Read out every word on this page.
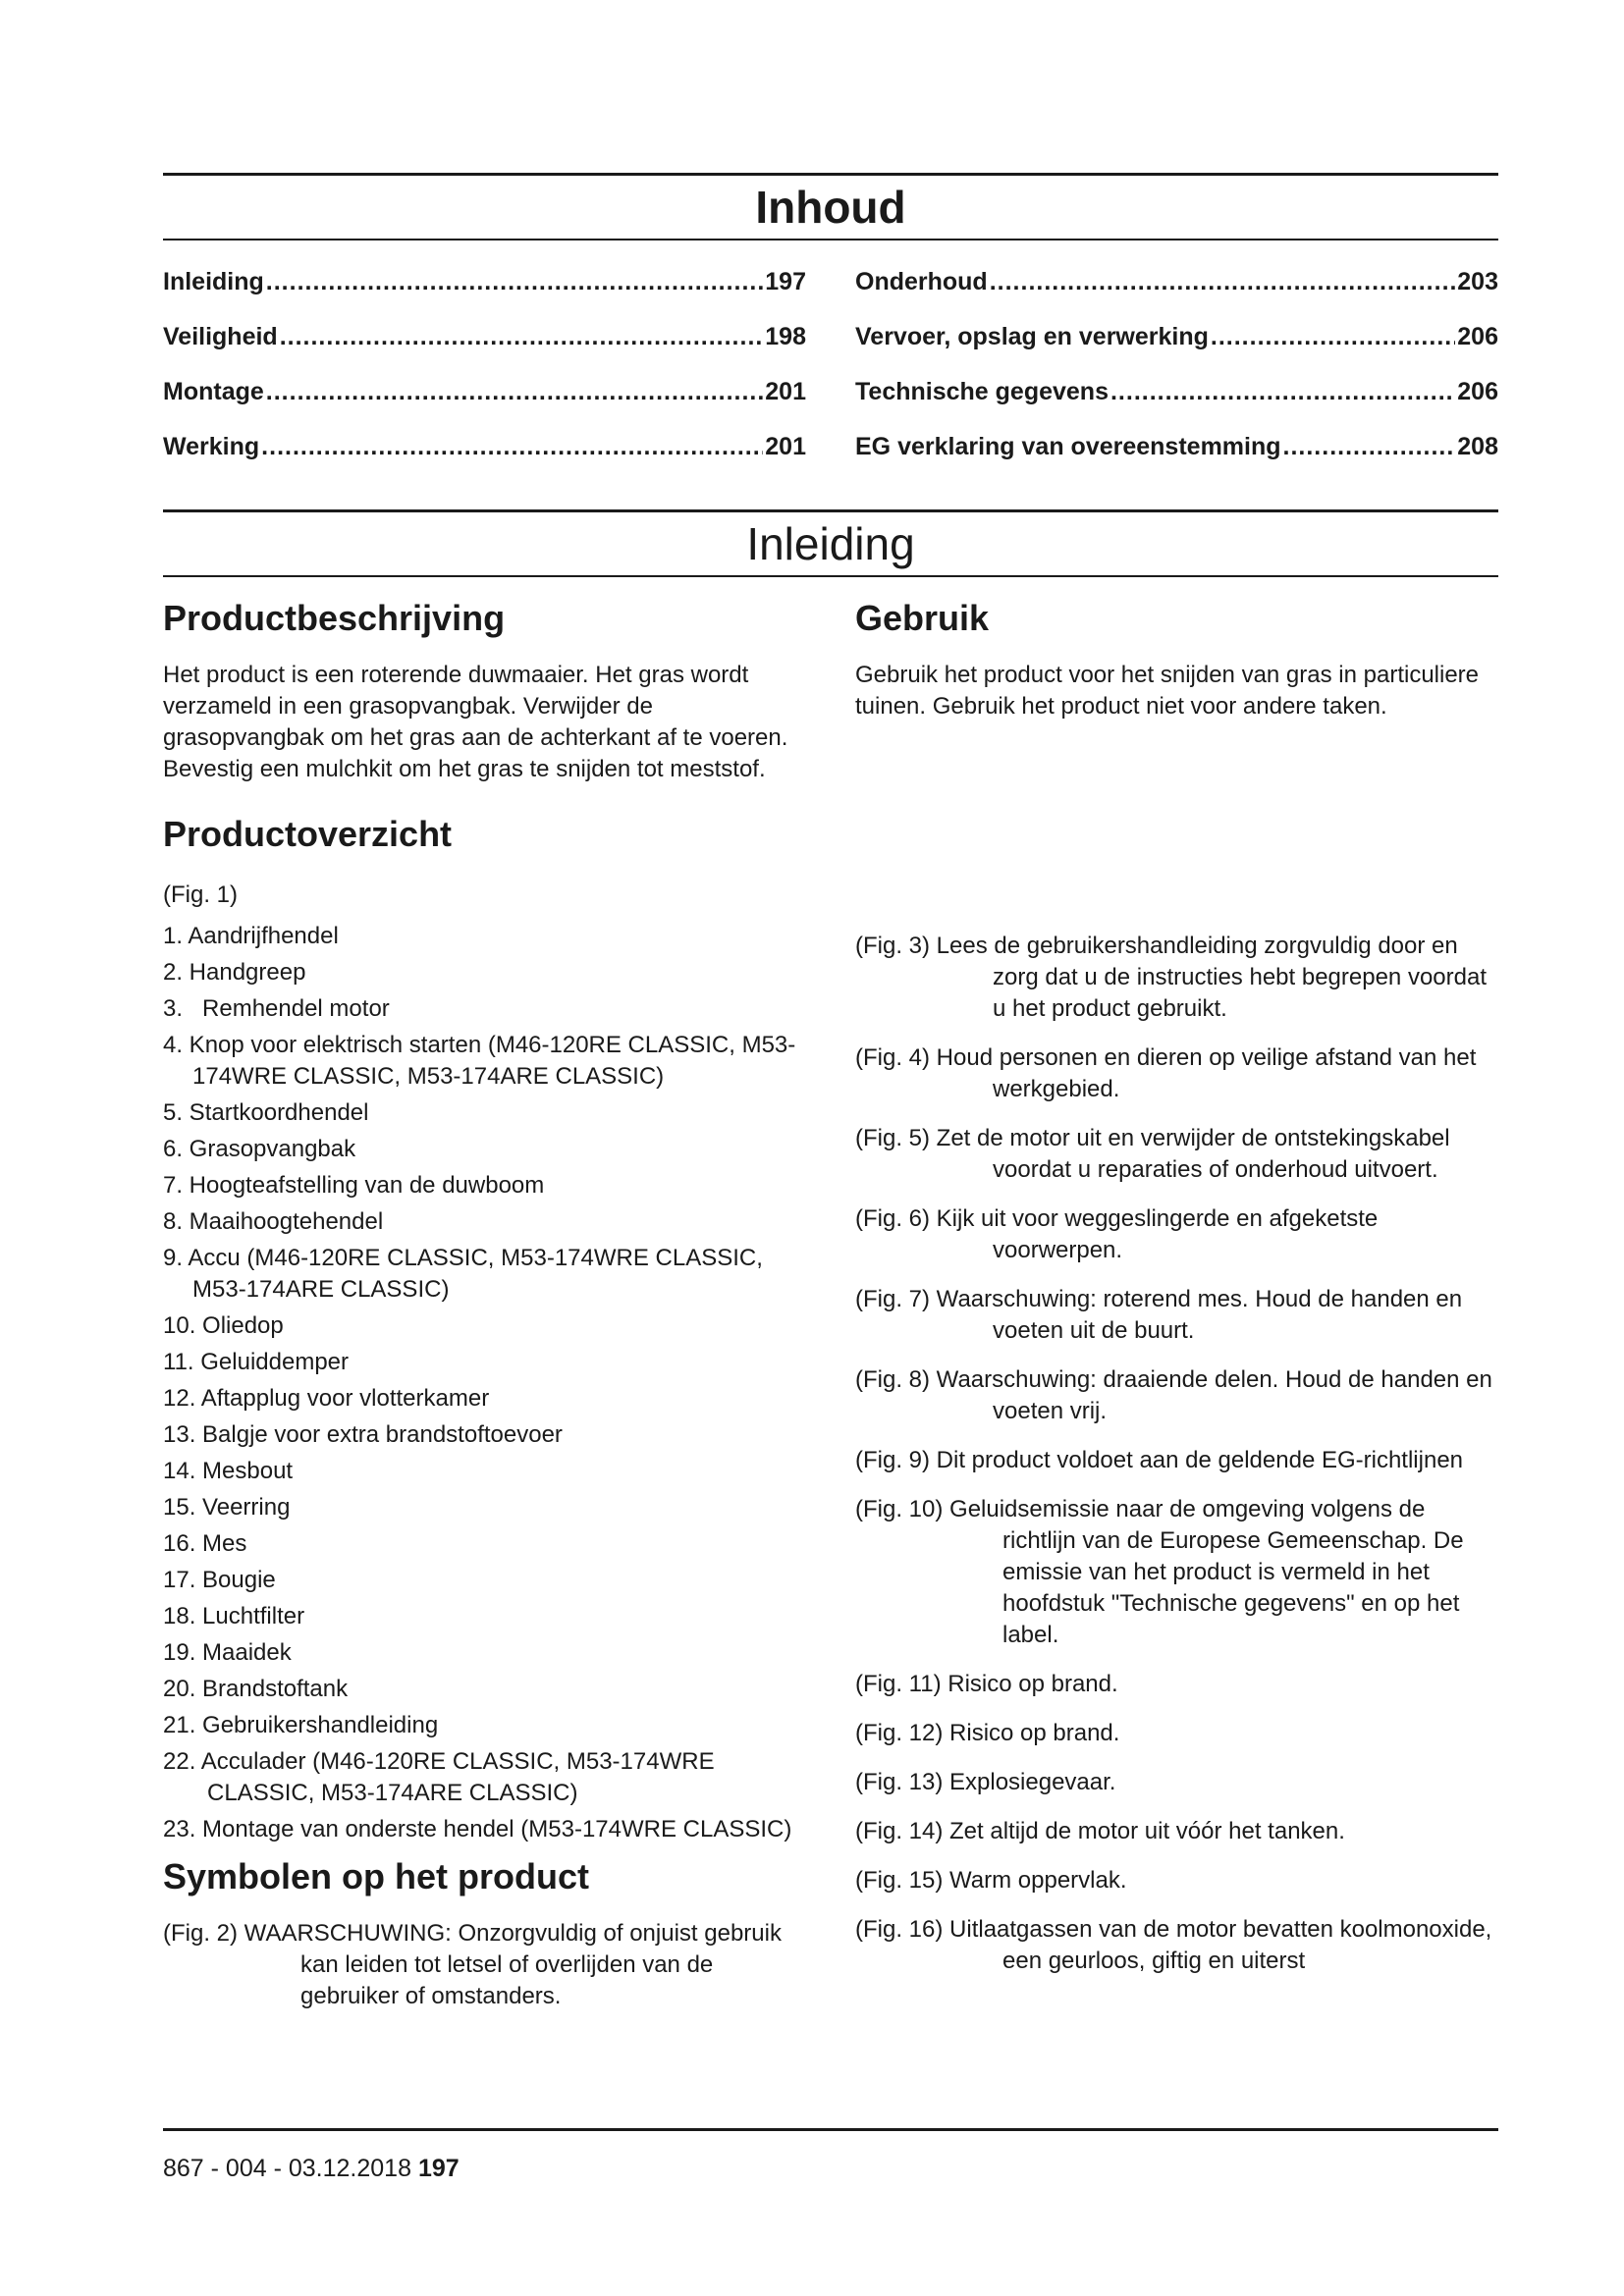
Inhoud
Inleiding .....	197
Veiligheid .....	198
Montage .....	201
Werking .....	201
Onderhoud .....	203
Vervoer, opslag en verwerking .....	206
Technische gegevens .....	206
EG verklaring van overeenstemming .....	208
Inleiding
Productbeschrijving

Het product is een roterende duwmaaier. Het gras wordt verzameld in een grasopvangbak. Verwijder de grasopvangbak om het gras aan de achterkant af te voeren. Bevestig een mulchkit om het gras te snijden tot meststof.

Productoverzicht

(Fig. 1)

1. Aandrijfhendel
2. Handgreep
3.   Remhendel motor
4. Knop voor elektrisch starten (M46-120RE CLASSIC, M53-174WRE CLASSIC, M53-174ARE CLASSIC)
5. Startkoordhendel
6. Grasopvangbak
7. Hoogteafstelling van de duwboom
8. Maaihoogtehendel
9. Accu (M46-120RE CLASSIC, M53-174WRE CLASSIC, M53-174ARE CLASSIC)
10. Oliedop
11. Geluiddemper
12. Aftapplug voor vlotterkamer
13. Balgje voor extra brandstoftoevoer
14. Mesbout
15. Veerring
16. Mes
17. Bougie
18. Luchtfilter
19. Maaidek
20. Brandstoftank
21. Gebruikershandleiding
22. Acculader (M46-120RE CLASSIC, M53-174WRE CLASSIC, M53-174ARE CLASSIC)
23. Montage van onderste hendel (M53-174WRE CLASSIC)
Symbolen op het product
(Fig. 2) WAARSCHUWING: Onzorgvuldig of onjuist gebruik kan leiden tot letsel of overlijden van de gebruiker of omstanders.
Gebruik

Gebruik het product voor het snijden van gras in particuliere tuinen. Gebruik het product niet voor andere taken.

(Fig. 3) Lees de gebruikershandleiding zorgvuldig door en zorg dat u de instructies hebt begrepen voordat u het product gebruikt.
(Fig. 4) Houd personen en dieren op veilige afstand van het werkgebied.
(Fig. 5) Zet de motor uit en verwijder de ontstekingskabel voordat u reparaties of onderhoud uitvoert.
(Fig. 6) Kijk uit voor weggeslingerde en afgeketste voorwerpen.
(Fig. 7) Waarschuwing: roterend mes. Houd de handen en voeten uit de buurt.
(Fig. 8) Waarschuwing: draaiende delen. Houd de handen en voeten vrij.
(Fig. 9) Dit product voldoet aan de geldende EG-richtlijnen
(Fig. 10) Geluidsemissie naar de omgeving volgens de richtlijn van de Europese Gemeenschap. De emissie van het product is vermeld in het hoofdstuk "Technische gegevens" en op het label.
(Fig. 11) Risico op brand.
(Fig. 12) Risico op brand.
(Fig. 13) Explosiegevaar.
(Fig. 14) Zet altijd de motor uit vóór het tanken.
(Fig. 15) Warm oppervlak.
(Fig. 16) Uitlaatgassen van de motor bevatten koolmonoxide, een geurloos, giftig en uiterst
867 - 004 - 03.12.2018 197
